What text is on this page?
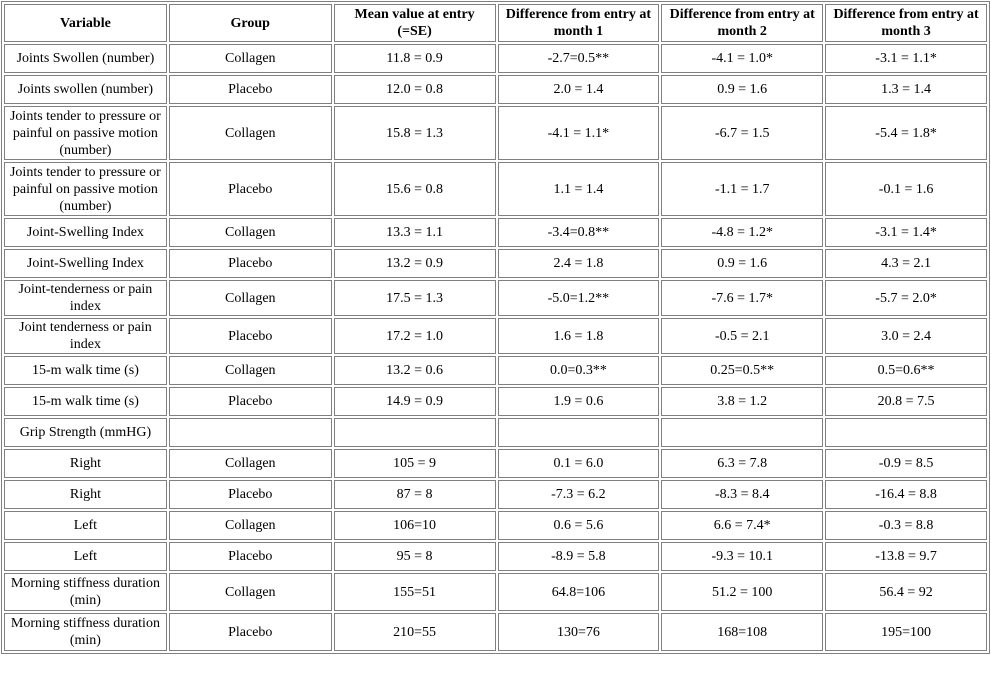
Variable	Group	Mean value at entry (=SE)	Difference from entry at month 1	Difference from entry at month 2	Difference from entry at month 3
Joints Swollen (number)	Collagen	11.8 = 0.9	-2.7=0.5**	-4.1 = 1.0*	-3.1 = 1.1*
Joints swollen (number)	Placebo	12.0 = 0.8	2.0 = 1.4	0.9 = 1.6	1.3 = 1.4
Joints tender to pressure or painful on passive motion (number)	Collagen	15.8 = 1.3	-4.1 = 1.1*	-6.7 = 1.5	-5.4 = 1.8*
Joints tender to pressure or painful on passive motion (number)	Placebo	15.6 = 0.8	1.1 = 1.4	-1.1 = 1.7	-0.1 = 1.6
Joint-Swelling Index	Collagen	13.3 = 1.1	-3.4=0.8**	-4.8 = 1.2*	-3.1 = 1.4*
Joint-Swelling Index	Placebo	13.2 = 0.9	2.4 = 1.8	0.9 = 1.6	4.3 = 2.1
Joint-tenderness or pain index	Collagen	17.5 = 1.3	-5.0=1.2**	-7.6 = 1.7*	-5.7 = 2.0*
Joint tenderness or pain index	Placebo	17.2 = 1.0	1.6 = 1.8	-0.5 = 2.1	3.0 = 2.4
15-m walk time (s)	Collagen	13.2 = 0.6	0.0=0.3**	0.25=0.5**	0.5=0.6**
15-m walk time (s)	Placebo	14.9 = 0.9	1.9 = 0.6	3.8 = 1.2	20.8 = 7.5
Grip Strength (mmHG)					
Right	Collagen	105 = 9	0.1 = 6.0	6.3 = 7.8	-0.9 = 8.5
Right	Placebo	87 = 8	-7.3 = 6.2	-8.3 = 8.4	-16.4 = 8.8
Left	Collagen	106=10	0.6 = 5.6	6.6 = 7.4*	-0.3 = 8.8
Left	Placebo	95 = 8	-8.9 = 5.8	-9.3 = 10.1	-13.8 = 9.7
Morning stiffness duration (min)	Collagen	155=51	64.8=106	51.2 = 100	56.4 = 92
Morning stiffness duration (min)	Placebo	210=55	130=76	168=108	195=100
